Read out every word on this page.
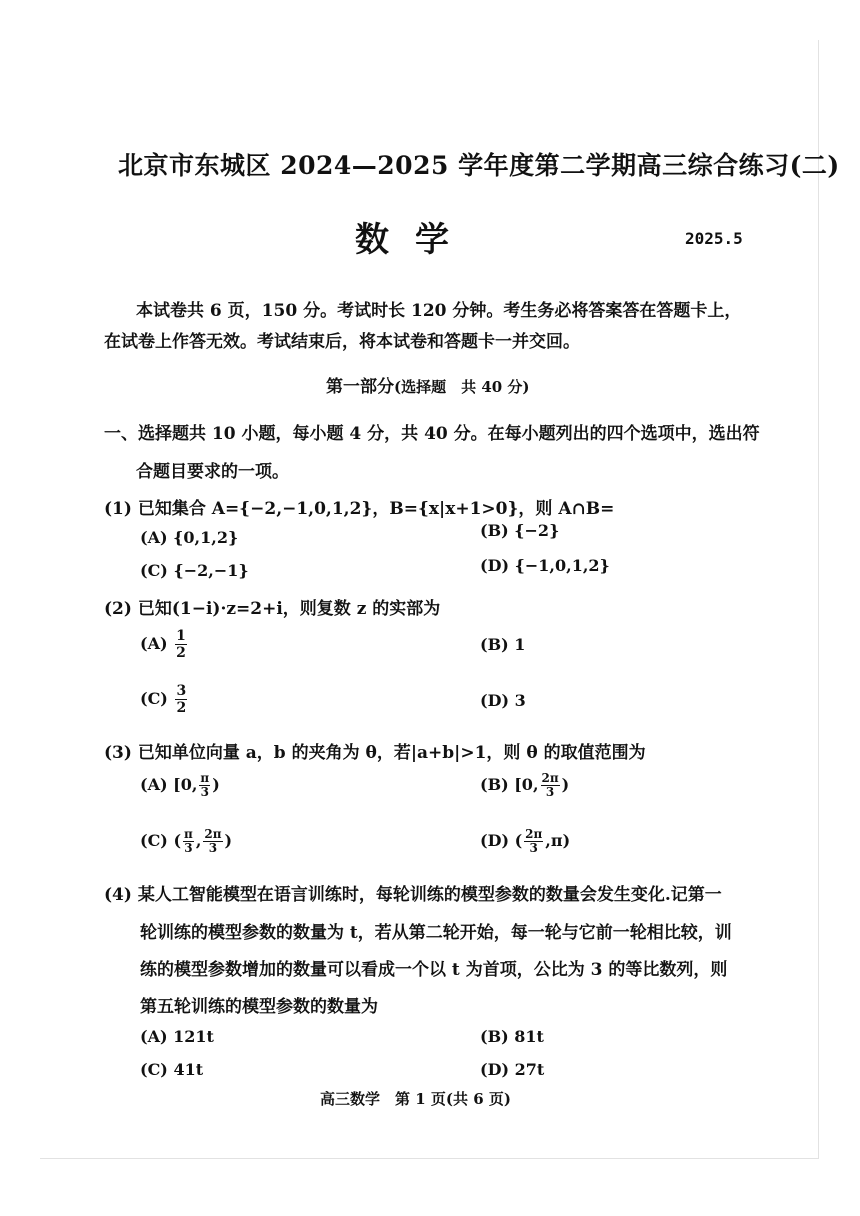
北京市东城区 2024—2025 学年度第二学期高三综合练习(二)
数学	2025.5
本试卷共 6 页，150 分。考试时长 120 分钟。考生务必将答案答在答题卡上，
在试卷上作答无效。考试结束后，将本试卷和答题卡一并交回。
第一部分(选择题　共 40 分)
一、选择题共 10 小题，每小题 4 分，共 40 分。在每小题列出的四个选项中，选出符
合题目要求的一项。
(1) 已知集合 A={−2,−1,0,1,2}，B={x|x+1>0}，则 A∩B=
(A) {0,1,2}	(B) {−2}
(C) {−2,−1}	(D) {−1,0,1,2}
(2) 已知(1−i)·z=2+i，则复数 z 的实部为
$(A) \frac{1}{2}$	(B) 1
$(C) \frac{3}{2}$	(D) 3
(3) 已知单位向量 a，b 的夹角为 θ，若|a+b|>1，则 θ 的取值范围为
(A) [0, $\frac{\pi}{3}$ )	(B) [0, $\frac{2\pi}{3}$ )
(C) ( $\frac{\pi}{3}$ , $\frac{2\pi}{3}$ )	(D) ( $\frac{2\pi}{3} ,\pi$)
(4) 某人工智能模型在语言训练时，每轮训练的模型参数的数量会发生变化.记第一
轮训练的模型参数的数量为 t，若从第二轮开始，每一轮与它前一轮相比较，训
练的模型参数增加的数量可以看成一个以 t 为首项，公比为 3 的等比数列，则
第五轮训练的模型参数的数量为
(A) 121t	(B) 81t
(C) 41t	(D) 27t
高三数学　第 1 页(共 6 页)
